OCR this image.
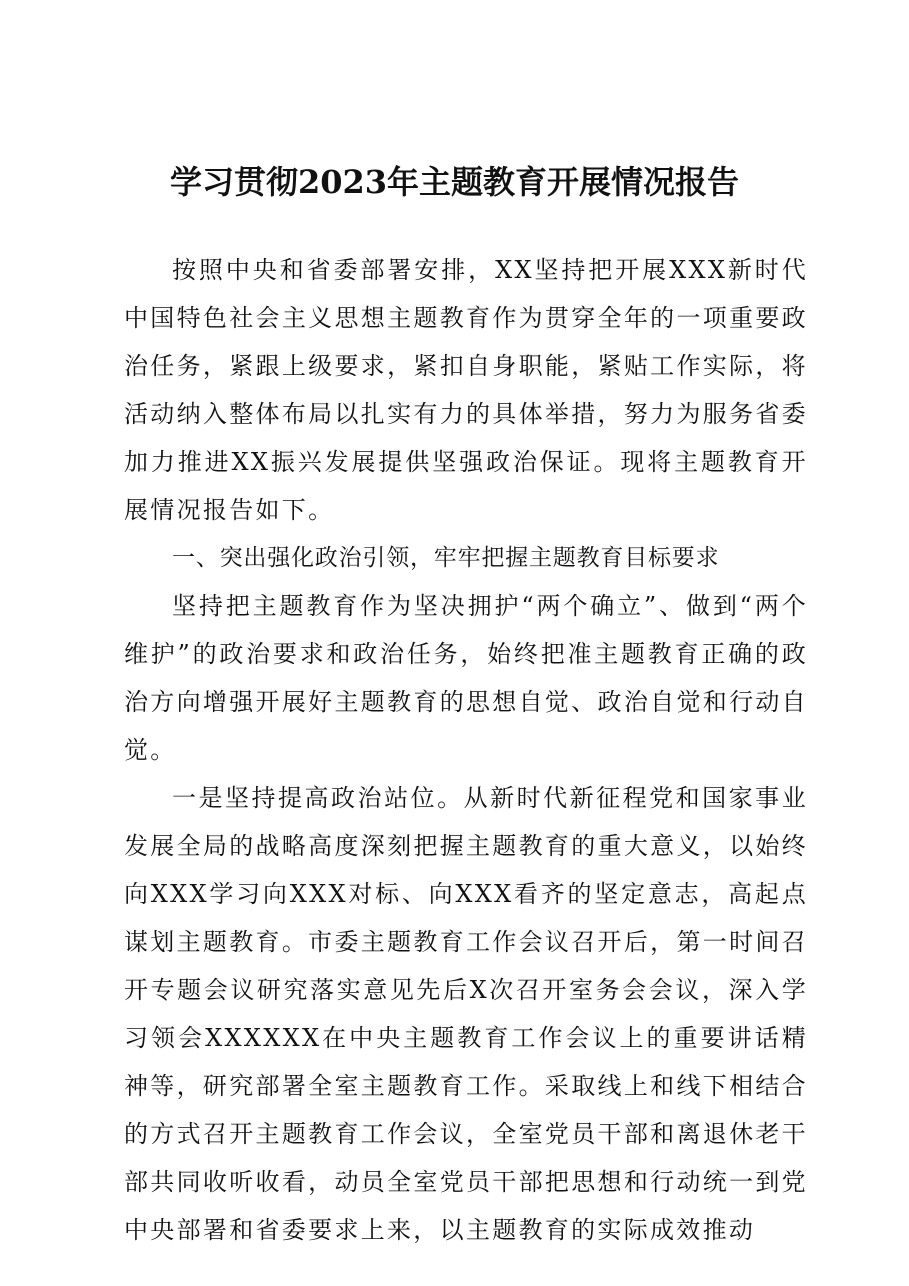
学习贯彻2023年主题教育开展情况报告

按照中央和省委部署安排，XX坚持把开展XXX新时代中国特色社会主义思想主题教育作为贯穿全年的一项重要政治任务，紧跟上级要求，紧扣自身职能，紧贴工作实际，将活动纳入整体布局以扎实有力的具体举措，努力为服务省委加力推进XX振兴发展提供坚强政治保证。现将主题教育开展情况报告如下。

一、突出强化政治引领，牢牢把握主题教育目标要求

坚持把主题教育作为坚决拥护“两个确立”、做到“两个维护”的政治要求和政治任务，始终把准主题教育正确的政治方向增强开展好主题教育的思想自觉、政治自觉和行动自觉。

一是坚持提高政治站位。从新时代新征程党和国家事业发展全局的战略高度深刻把握主题教育的重大意义，以始终向XXX学习向XXX对标、向XXX看齐的坚定意志，高起点谋划主题教育。市委主题教育工作会议召开后，第一时间召开专题会议研究落实意见先后X次召开室务会会议，深入学习领会XXXXXX在中央主题教育工作会议上的重要讲话精神等，研究部署全室主题教育工作。采取线上和线下相结合的方式召开主题教育工作会议，全室党员干部和离退休老干部共同收听收看，动员全室党员干部把思想和行动统一到党中央部署和省委要求上来，以主题教育的实际成效推动
